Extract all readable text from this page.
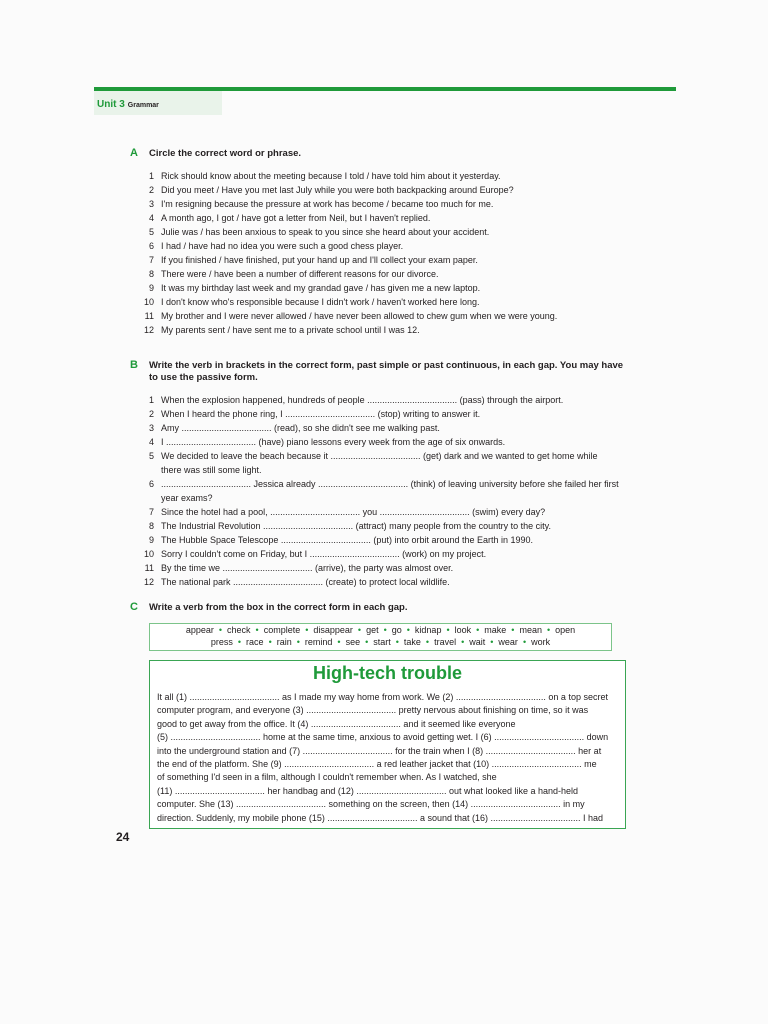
Unit 3 Grammar
A Circle the correct word or phrase.
1 Rick should know about the meeting because I told / have told him about it yesterday.
2 Did you meet / Have you met last July while you were both backpacking around Europe?
3 I'm resigning because the pressure at work has become / became too much for me.
4 A month ago, I got / have got a letter from Neil, but I haven't replied.
5 Julie was / has been anxious to speak to you since she heard about your accident.
6 I had / have had no idea you were such a good chess player.
7 If you finished / have finished, put your hand up and I'll collect your exam paper.
8 There were / have been a number of different reasons for our divorce.
9 It was my birthday last week and my grandad gave / has given me a new laptop.
10 I don't know who's responsible because I didn't work / haven't worked here long.
11 My brother and I were never allowed / have never been allowed to chew gum when we were young.
12 My parents sent / have sent me to a private school until I was 12.
B Write the verb in brackets in the correct form, past simple or past continuous, in each gap. You may have to use the passive form.
1 When the explosion happened, hundreds of people .................................... (pass) through the airport.
2 When I heard the phone ring, I .................................... (stop) writing to answer it.
3 Amy .................................... (read), so she didn't see me walking past.
4 I .................................... (have) piano lessons every week from the age of six onwards.
5 We decided to leave the beach because it .................................... (get) dark and we wanted to get home while there was still some light.
6 .................................... Jessica already .................................... (think) of leaving university before she failed her first year exams?
7 Since the hotel had a pool, .................................... you .................................... (swim) every day?
8 The Industrial Revolution .................................... (attract) many people from the country to the city.
9 The Hubble Space Telescope .................................... (put) into orbit around the Earth in 1990.
10 Sorry I couldn't come on Friday, but I .................................... (work) on my project.
11 By the time we .................................... (arrive), the party was almost over.
12 The national park .................................... (create) to protect local wildlife.
C Write a verb from the box in the correct form in each gap.
appear • check • complete • disappear • get • go • kidnap • look • make • mean • open
press • race • rain • remind • see • start • take • travel • wait • wear • work
High-tech trouble
It all (1) .................................... as I made my way home from work. We (2) .................................... on a top secret
computer program, and everyone (3) .................................... pretty nervous about finishing on time, so it was
good to get away from the office. It (4) .................................... and it seemed like everyone
(5) .................................... home at the same time, anxious to avoid getting wet. I (6) .................................... down
into the underground station and (7) .................................... for the train when I (8) .................................... her at
the end of the platform. She (9) .................................... a red leather jacket that (10) .................................... me
of something I'd seen in a film, although I couldn't remember when. As I watched, she
(11) .................................... her handbag and (12) .................................... out what looked like a hand-held
computer. She (13) .................................... something on the screen, then (14) .................................... in my
direction. Suddenly, my mobile phone (15) .................................... a sound that (16) .................................... I had
24
